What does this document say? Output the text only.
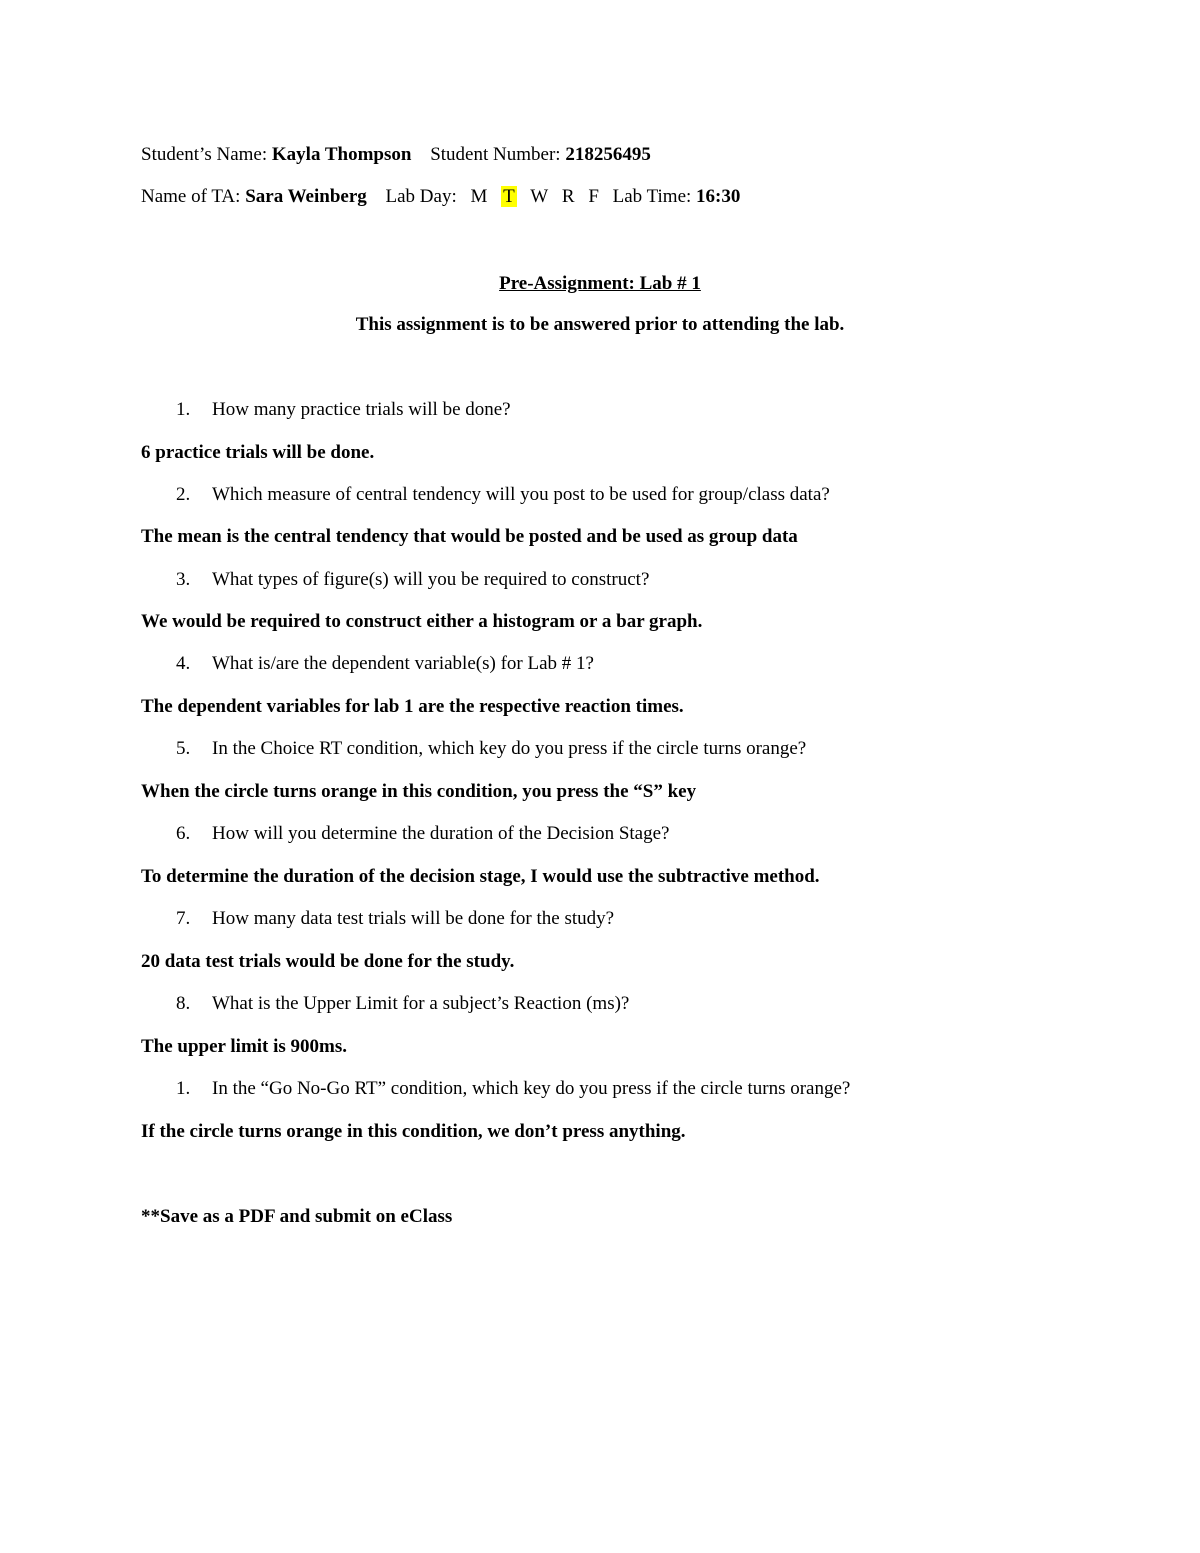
Student’s Name: Kayla Thompson Student Number: 218256495
Name of TA: Sara Weinberg Lab Day: M T W R F Lab Time: 16:30
Pre-Assignment: Lab # 1
This assignment is to be answered prior to attending the lab.
1. How many practice trials will be done?
6 practice trials will be done.
2. Which measure of central tendency will you post to be used for group/class data?
The mean is the central tendency that would be posted and be used as group data
3. What types of figure(s) will you be required to construct?
We would be required to construct either a histogram or a bar graph.
4. What is/are the dependent variable(s) for Lab # 1?
The dependent variables for lab 1 are the respective reaction times.
5. In the Choice RT condition, which key do you press if the circle turns orange?
When the circle turns orange in this condition, you press the “S” key
6. How will you determine the duration of the Decision Stage?
To determine the duration of the decision stage, I would use the subtractive method.
7. How many data test trials will be done for the study?
20 data test trials would be done for the study.
8. What is the Upper Limit for a subject’s Reaction (ms)?
The upper limit is 900ms.
1. In the “Go No-Go RT” condition, which key do you press if the circle turns orange?
If the circle turns orange in this condition, we don’t press anything.
**Save as a PDF and submit on eClass
